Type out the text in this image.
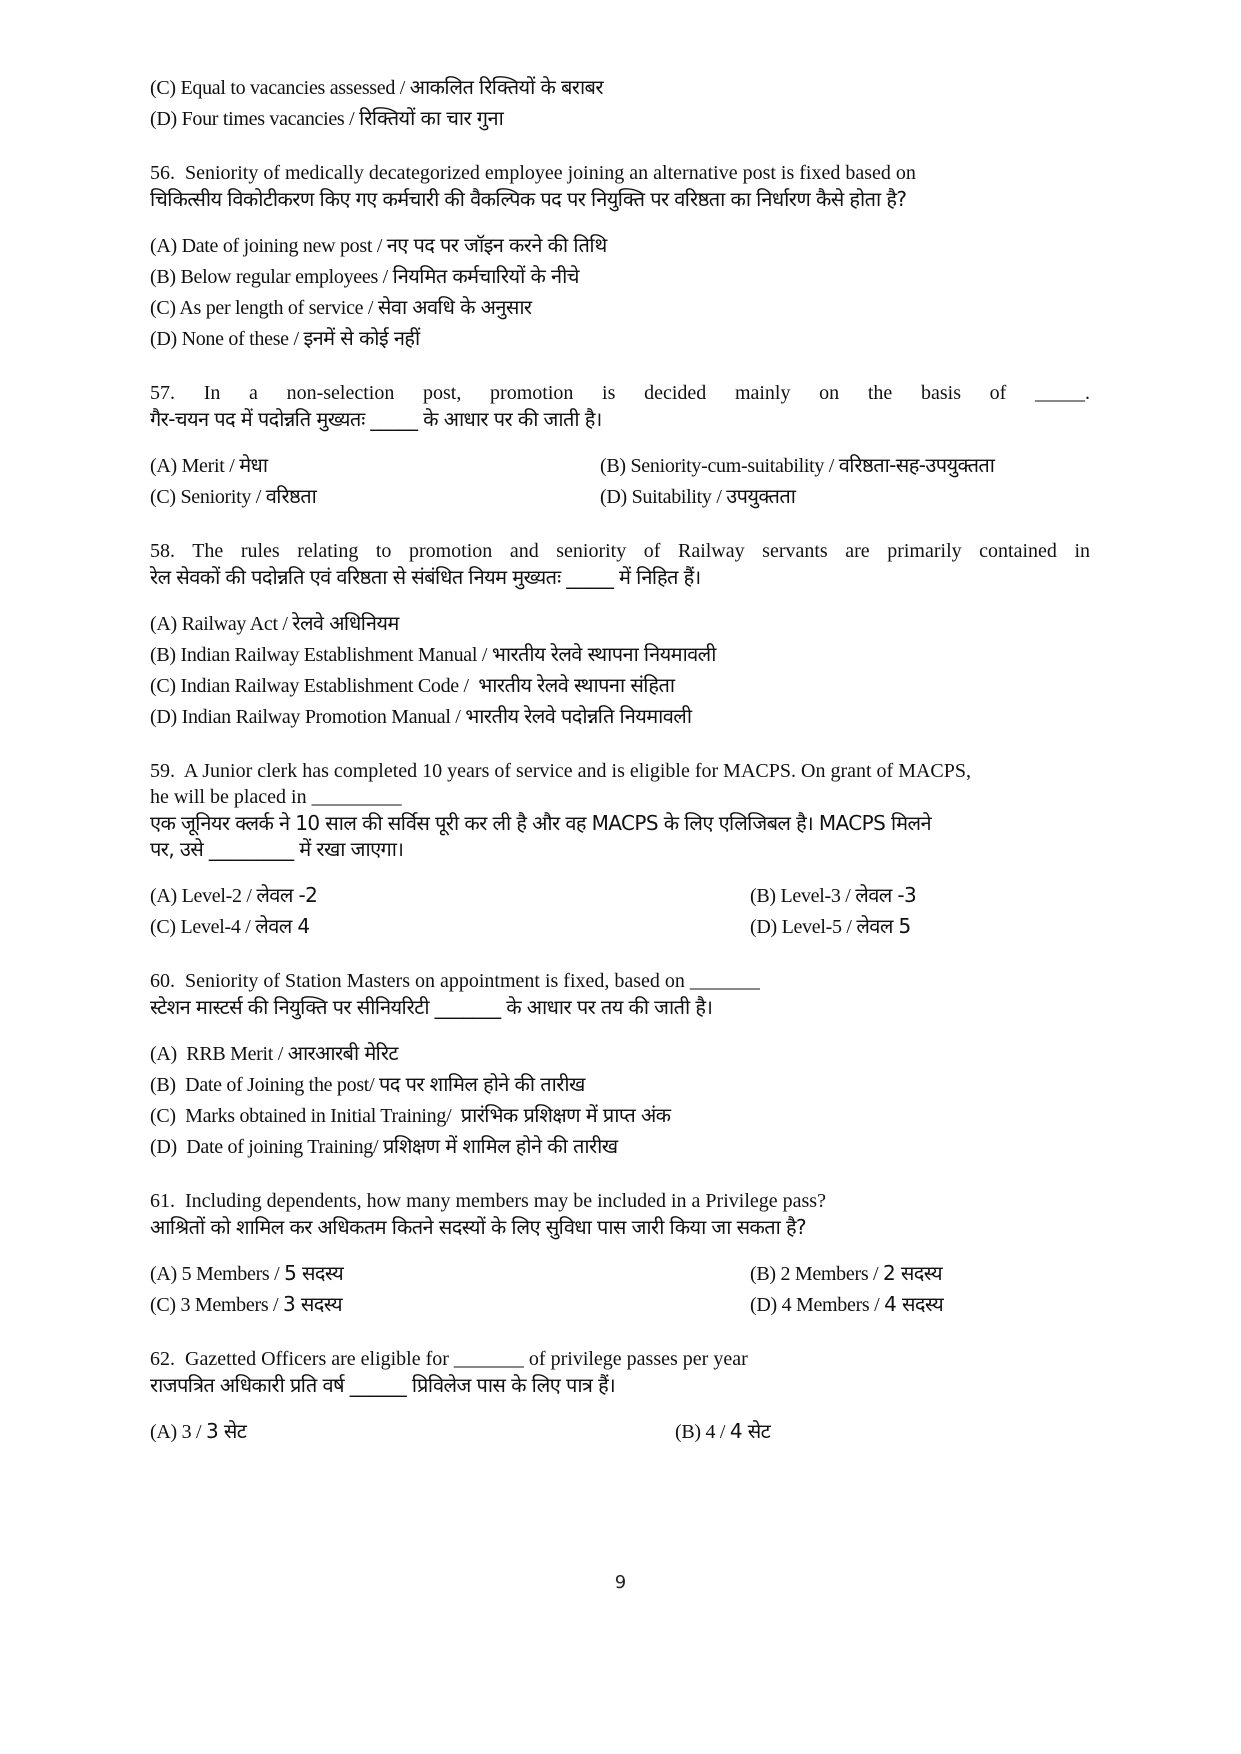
(C) Equal to vacancies assessed / आकलित रिक्तियों के बराबर
(D) Four times vacancies / रिक्तियों का चार गुना
56. Seniority of medically decategorized employee joining an alternative post is fixed based on
चिकित्सीय विकोटीकरण किए गए कर्मचारी की वैकल्पिक पद पर नियुक्ति पर वरिष्ठता का निर्धारण कैसे होता है?
(A) Date of joining new post / नए पद पर जॉइन करने की तिथि
(B) Below regular employees / नियमित कर्मचारियों के नीचे
(C) As per length of service / सेवा अवधि के अनुसार
(D) None of these / इनमें से कोई नहीं
57. In a non-selection post, promotion is decided mainly on the basis of _____.
गैर-चयन पद में पदोन्नति मुख्यतः _____ के आधार पर की जाती है।
(A) Merit / मेधा	(B) Seniority-cum-suitability / वरिष्ठता-सह-उपयुक्तता
(C) Seniority / वरिष्ठता	(D) Suitability / उपयुक्तता
58. The rules relating to promotion and seniority of Railway servants are primarily contained in
रेल सेवकों की पदोन्नति एवं वरिष्ठता से संबंधित नियम मुख्यतः _____ में निहित हैं।
(A) Railway Act / रेलवे अधिनियम
(B) Indian Railway Establishment Manual / भारतीय रेलवे स्थापना नियमावली
(C) Indian Railway Establishment Code /  भारतीय रेलवे स्थापना संहिता
(D) Indian Railway Promotion Manual / भारतीय रेलवे पदोन्नति नियमावली
59. A Junior clerk has completed 10 years of service and is eligible for MACPS. On grant of MACPS,
he will be placed in _________
एक जूनियर क्लर्क ने 10 साल की सर्विस पूरी कर ली है और वह MACPS के लिए एलिजिबल है। MACPS मिलने
पर, उसे _________ में रखा जाएगा।
(A) Level-2 / लेवल -2	(B) Level-3 / लेवल -3
(C) Level-4 / लेवल 4	(D) Level-5 / लेवल 5
60. Seniority of Station Masters on appointment is fixed, based on _______
स्टेशन मास्टर्स की नियुक्ति पर सीनियरिटी _______ के आधार पर तय की जाती है।
(A) RRB Merit / आरआरबी मेरिट
(B) Date of Joining the post/ पद पर शामिल होने की तारीख
(C) Marks obtained in Initial Training/  प्रारंभिक प्रशिक्षण में प्राप्त अंक
(D) Date of joining Training/ प्रशिक्षण में शामिल होने की तारीख
61. Including dependents, how many members may be included in a Privilege pass?
आश्रितों को शामिल कर अधिकतम कितने सदस्यों के लिए सुविधा पास जारी किया जा सकता है?
(A) 5 Members / 5 सदस्य	(B) 2 Members / 2 सदस्य
(C) 3 Members / 3 सदस्य	(D) 4 Members / 4 सदस्य
62. Gazetted Officers are eligible for _______ of privilege passes per year
राजपत्रित अधिकारी प्रति वर्ष ______ प्रिविलेज पास के लिए पात्र हैं।
(A) 3 / 3 सेट	(B) 4 / 4 सेट
9
